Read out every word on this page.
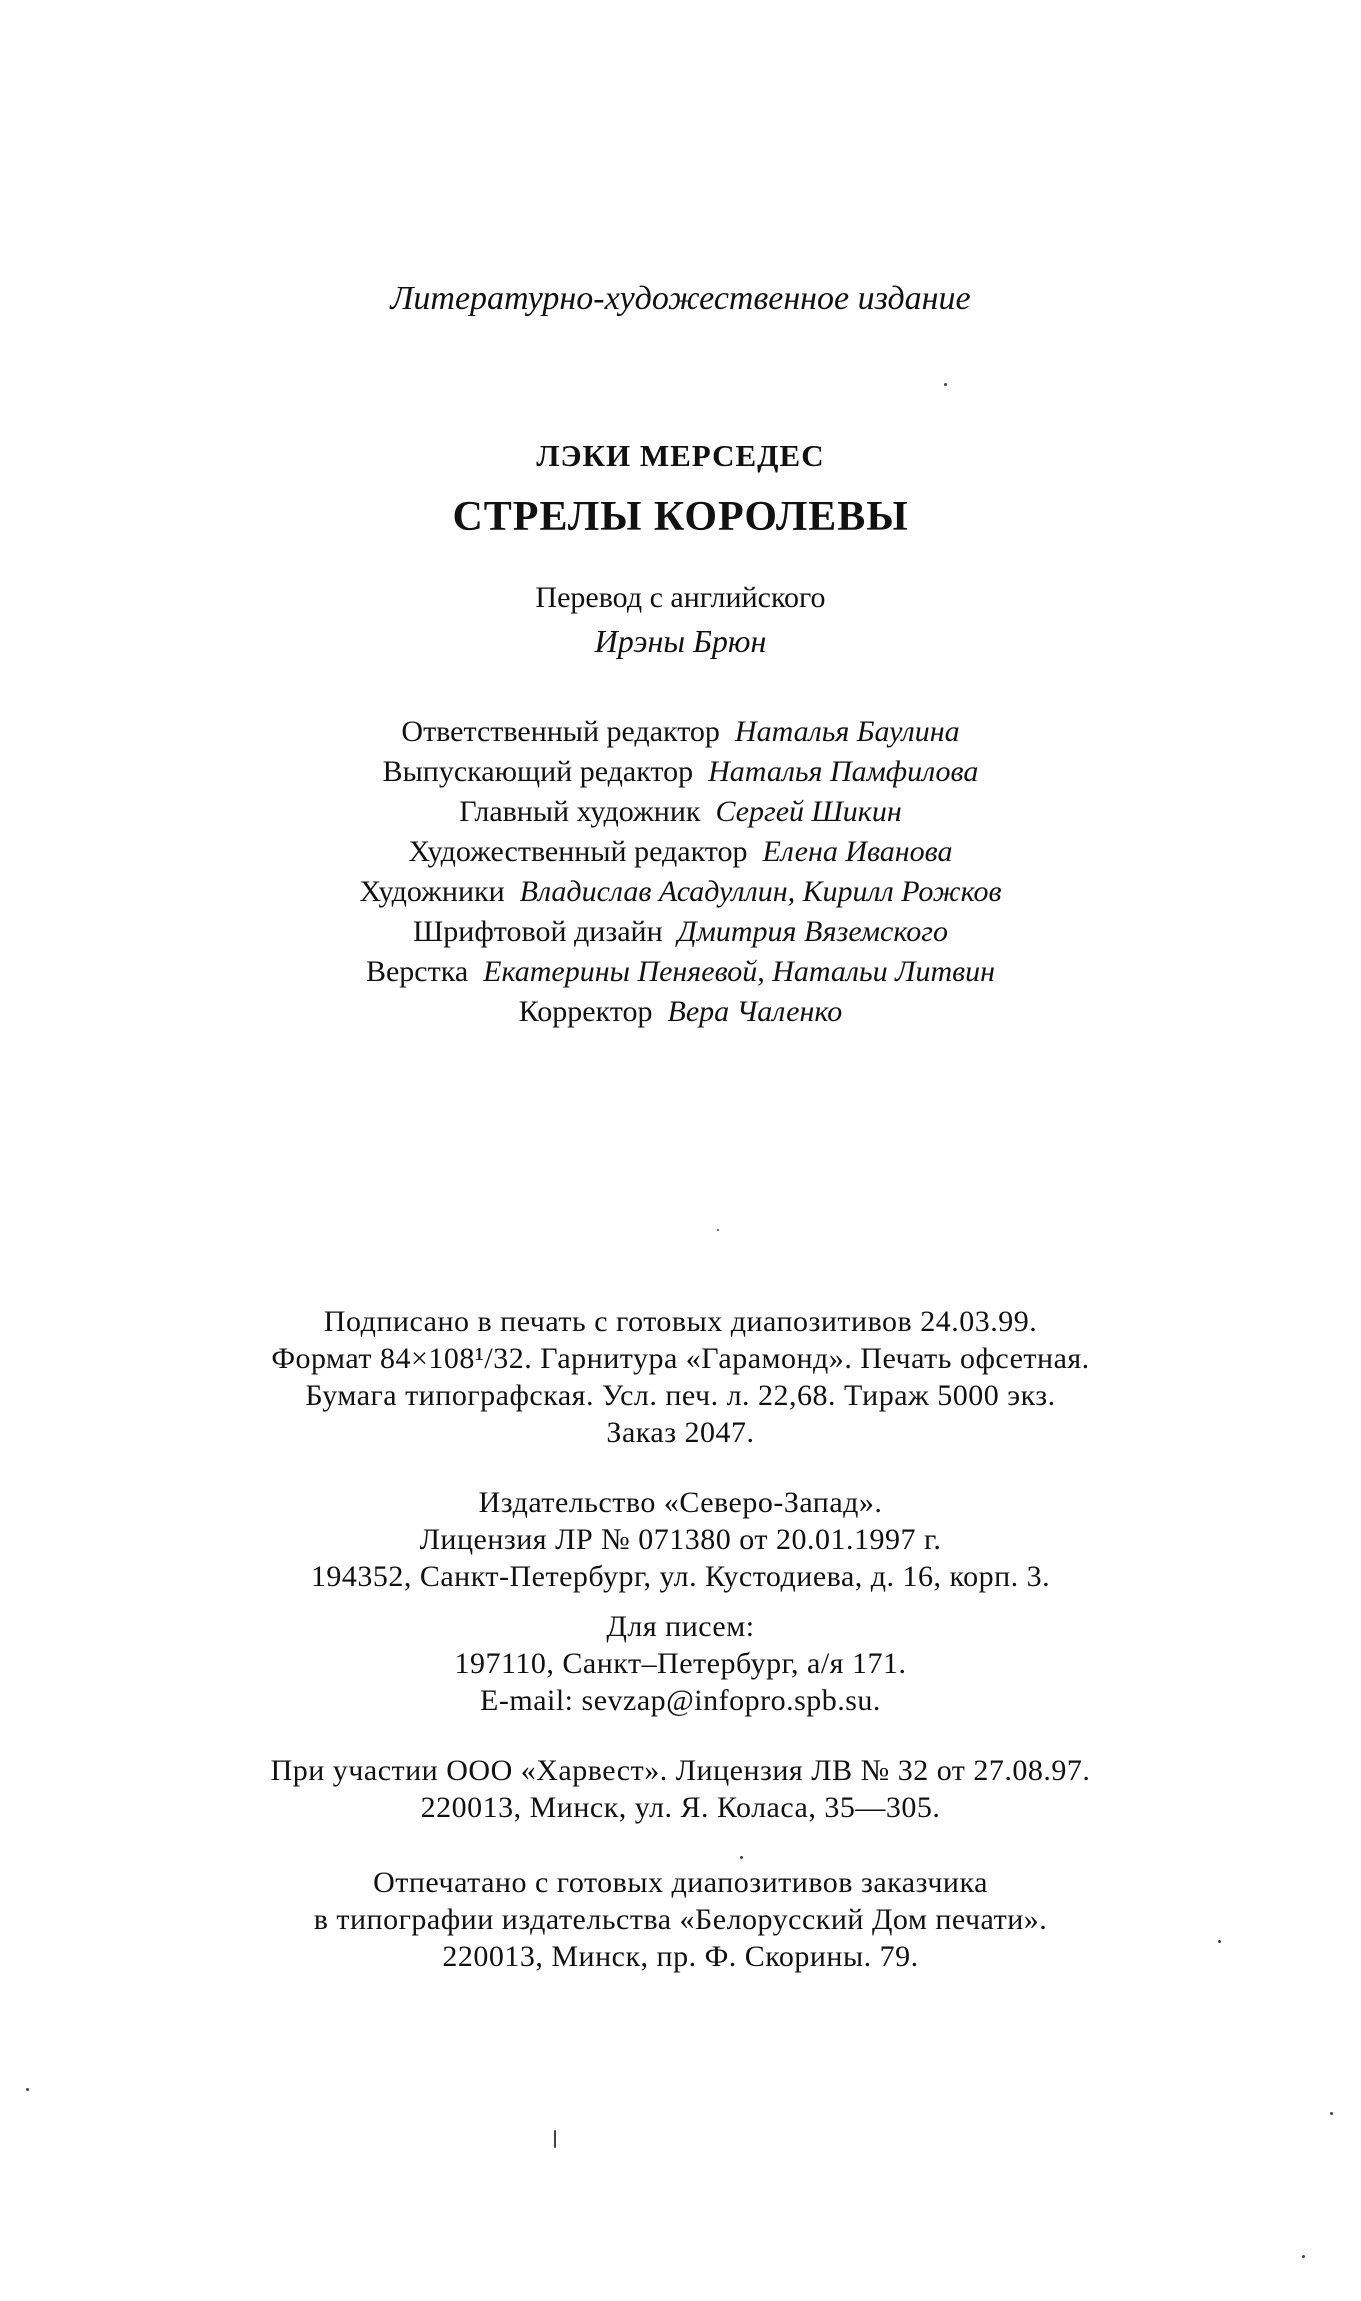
Литературно-художественное издание
ЛЭКИ МЕРСЕДЕС
СТРЕЛЫ КОРОЛЕВЫ
Перевод с английского
Ирэны Брюн
Ответственный редактор Наталья Баулина
Выпускающий редактор Наталья Памфилова
Главный художник Сергей Шикин
Художественный редактор Елена Иванова
Художники Владислав Асадуллин, Кирилл Рожков
Шрифтовой дизайн Дмитрия Вяземского
Верстка Екатерины Пеняевой, Натальи Литвин
Корректор Вера Чаленко
Подписано в печать с готовых диапозитивов 24.03.99.
Формат 84×108¹/32. Гарнитура «Гарамонд». Печать офсетная.
Бумага типографская. Усл. печ. л. 22,68. Тираж 5000 экз.
Заказ 2047.
Издательство «Северо-Запад».
Лицензия ЛР № 071380 от 20.01.1997 г.
194352, Санкт-Петербург, ул. Кустодиева, д. 16, корп. 3.
Для писем:
197110, Санкт–Петербург, а/я 171.
E-mail: sevzap@infopro.spb.su.
При участии ООО «Харвест». Лицензия ЛВ № 32 от 27.08.97.
220013, Минск, ул. Я. Коласа, 35—305.
Отпечатано с готовых диапозитивов заказчика
в типографии издательства «Белорусский Дом печати».
220013, Минск, пр. Ф. Скорины. 79.
